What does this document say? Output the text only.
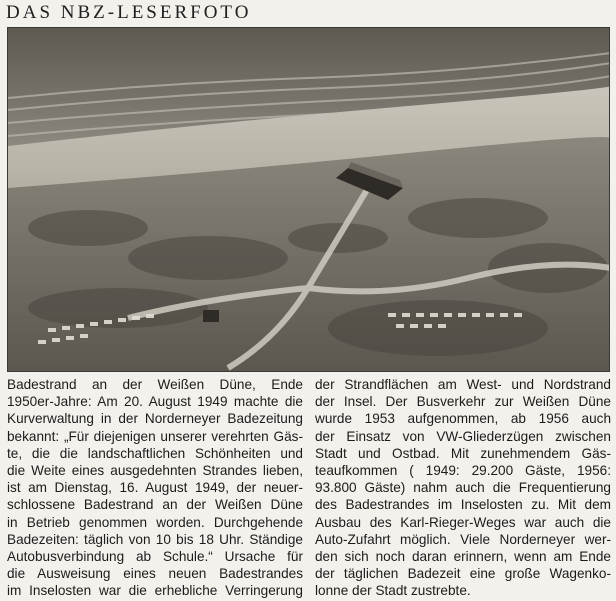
DAS NBZ-LESERFOTO
Badestrand an der Weißen Düne, Ende
1950er-Jahre: Am 20. August 1949 machte die
Kurverwaltung in der Norderneyer Badezeitung
bekannt: „Für diejenigen unserer verehrten Gäs-
te, die die landschaftlichen Schönheiten und
die Weite eines ausgedehnten Strandes lieben,
ist am Dienstag, 16. August 1949, der neuer-
schlossene Badestrand an der Weißen Düne
in Betrieb genommen worden. Durchgehende
Badezeiten: täglich von 10 bis 18 Uhr. Ständige
Autobusverbindung ab Schule.“ Ursache für
die Ausweisung eines neuen Badestrandes
im Inselosten war die erhebliche Verringerung
der Strandflächen am West- und Nordstrand
der Insel. Der Busverkehr zur Weißen Düne
wurde 1953 aufgenommen, ab 1956 auch
der Einsatz von VW-Gliederzügen zwischen
Stadt und Ostbad. Mit zunehmendem Gäs-
teaufkommen ( 1949: 29.200 Gäste, 1956:
93.800 Gäste) nahm auch die Frequentierung
des Badestrandes im Inselosten zu. Mit dem
Ausbau des Karl-Rieger-Weges war auch die
Auto-Zufahrt möglich. Viele Norderneyer wer-
den sich noch daran erinnern, wenn am Ende
der täglichen Badezeit eine große Wagenko-
lonne der Stadt zustrebte.
